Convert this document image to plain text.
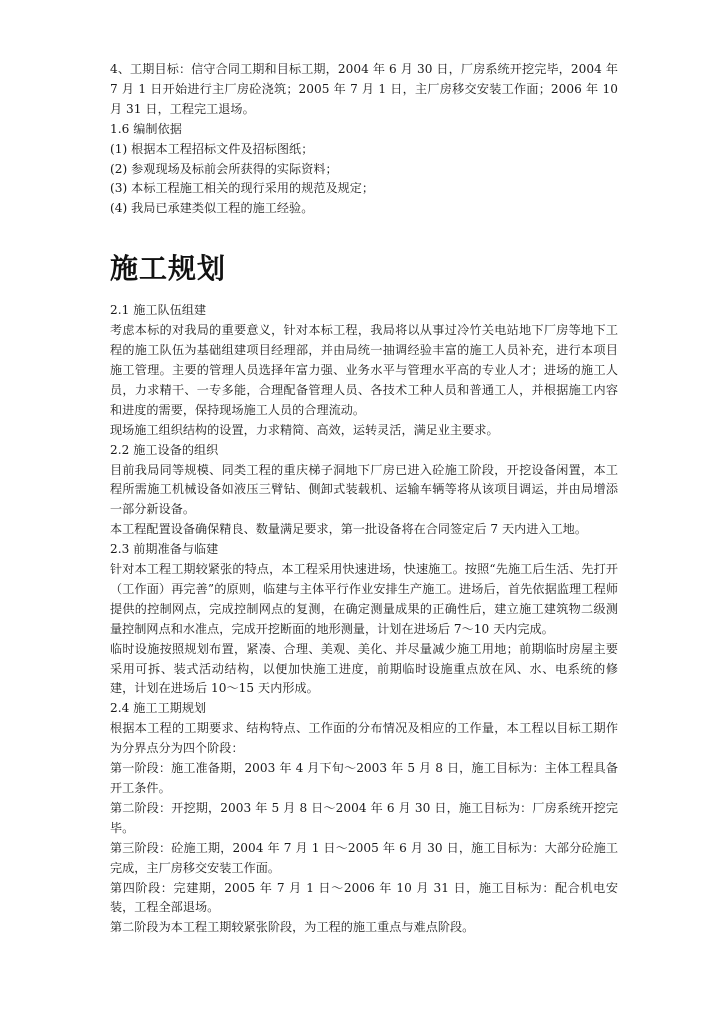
4、工期目标：信守合同工期和目标工期，2004 年 6 月 30 日，厂房系统开挖完毕，2004 年 7 月 1 日开始进行主厂房砼浇筑；2005 年 7 月 1 日，主厂房移交安装工作面；2006 年 10 月 31 日，工程完工退场。

1.6 编制依据

(1) 根据本工程招标文件及招标图纸；

(2) 参观现场及标前会所获得的实际资料；

(3) 本标工程施工相关的现行采用的规范及规定；

(4) 我局已承建类似工程的施工经验。

施工规划

2.1 施工队伍组建

考虑本标的对我局的重要意义，针对本标工程，我局将以从事过冷竹关电站地下厂房等地下工程的施工队伍为基础组建项目经理部，并由局统一抽调经验丰富的施工人员补充，进行本项目施工管理。主要的管理人员选择年富力强、业务水平与管理水平高的专业人才；进场的施工人员，力求精干、一专多能，合理配备管理人员、各技术工种人员和普通工人，并根据施工内容和进度的需要，保持现场施工人员的合理流动。

现场施工组织结构的设置，力求精简、高效，运转灵活，满足业主要求。

2.2 施工设备的组织

目前我局同等规模、同类工程的重庆梯子洞地下厂房已进入砼施工阶段，开挖设备闲置，本工程所需施工机械设备如液压三臂钻、侧卸式装载机、运输车辆等将从该项目调运，并由局增添一部分新设备。

本工程配置设备确保精良、数量满足要求，第一批设备将在合同签定后 7 天内进入工地。

2.3 前期准备与临建

针对本工程工期较紧张的特点，本工程采用快速进场，快速施工。按照“先施工后生活、先打开（工作面）再完善”的原则，临建与主体平行作业安排生产施工。进场后，首先依据监理工程师提供的控制网点，完成控制网点的复测，在确定测量成果的正确性后，建立施工建筑物二级测量控制网点和水准点，完成开挖断面的地形测量，计划在进场后 7～10 天内完成。

临时设施按照规划布置，紧凑、合理、美观、美化、并尽量减少施工用地；前期临时房屋主要采用可拆、装式活动结构，以便加快施工进度，前期临时设施重点放在风、水、电系统的修建，计划在进场后 10～15 天内形成。

2.4 施工工期规划

根据本工程的工期要求、结构特点、工作面的分布情况及相应的工作量，本工程以目标工期作为分界点分为四个阶段：

第一阶段：施工准备期，2003 年 4 月下旬～2003 年 5 月 8 日，施工目标为：主体工程具备开工条件。

第二阶段：开挖期，2003 年 5 月 8 日～2004 年 6 月 30 日，施工目标为：厂房系统开挖完毕。

第三阶段：砼施工期，2004 年 7 月 1 日～2005 年 6 月 30 日，施工目标为：大部分砼施工完成，主厂房移交安装工作面。

第四阶段：完建期，2005 年 7 月 1 日～2006 年 10 月 31 日，施工目标为：配合机电安装，工程全部退场。

第二阶段为本工程工期较紧张阶段，为工程的施工重点与难点阶段。
